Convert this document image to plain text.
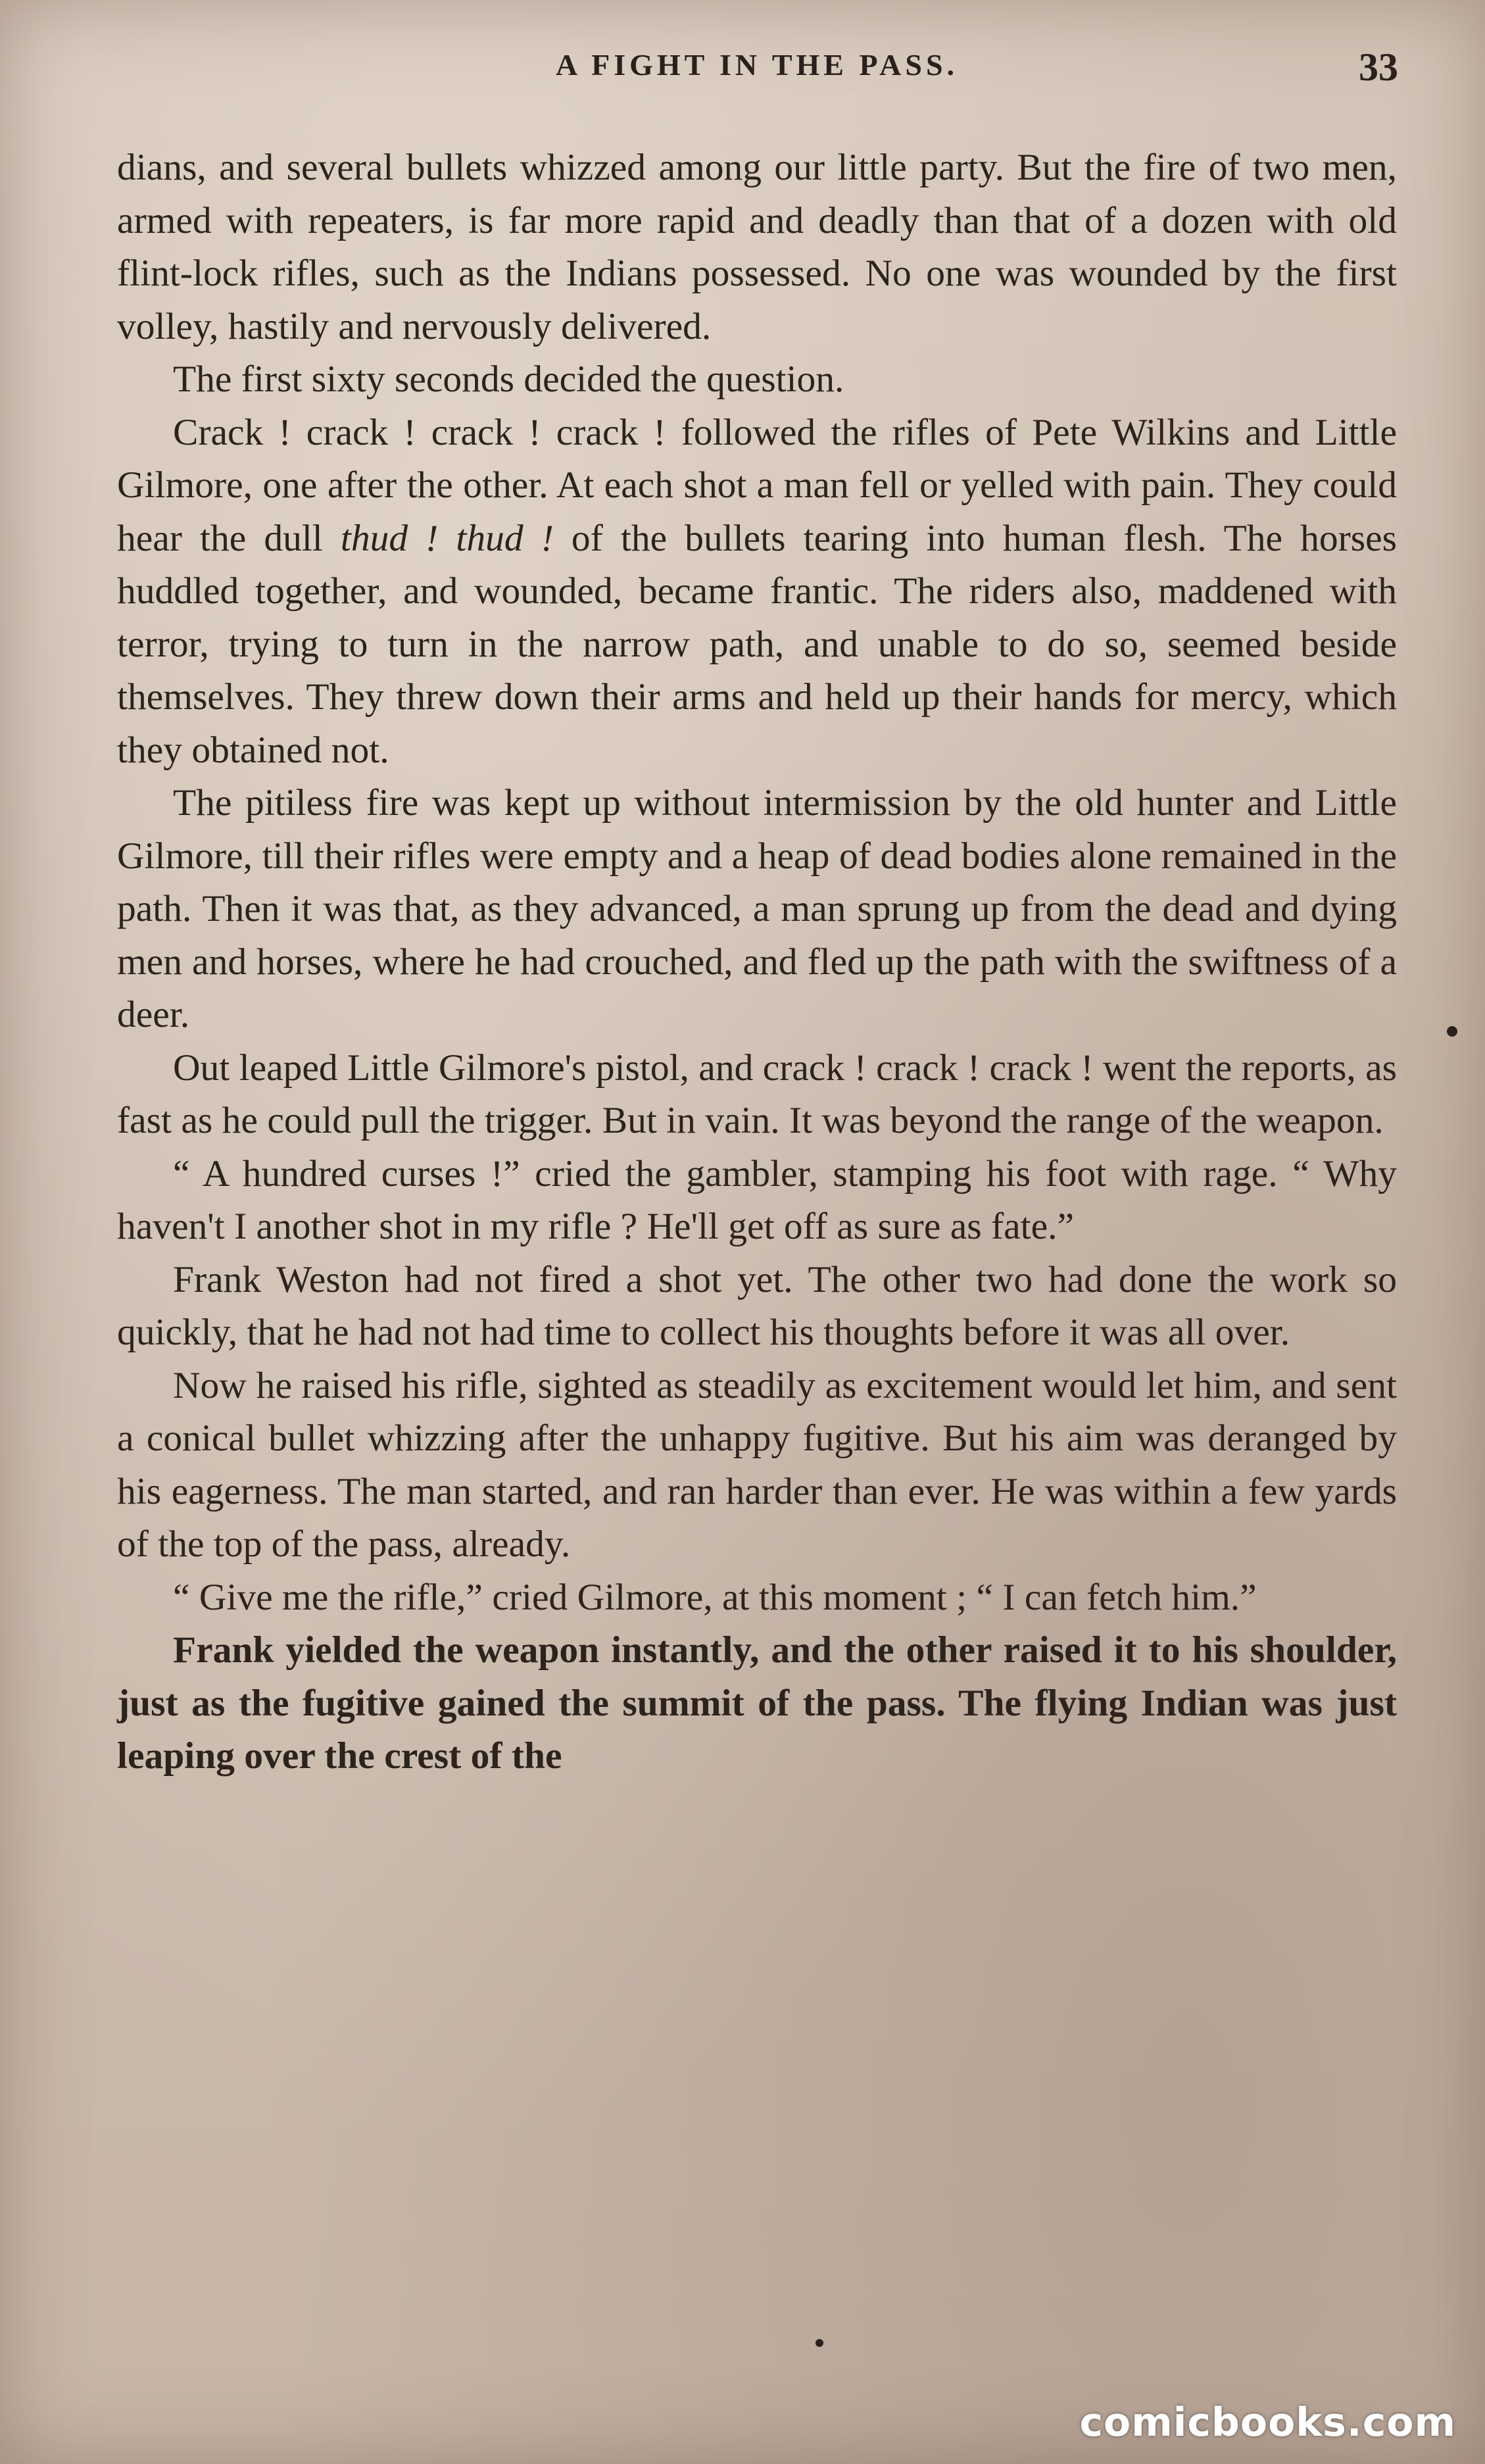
A FIGHT IN THE PASS.	33

dians, and several bullets whizzed among our little party. But the fire of two men, armed with repeaters, is far more rapid and deadly than that of a dozen with old flint-lock rifles, such as the Indians possessed. No one was wounded by the first volley, hastily and nervously delivered.

The first sixty seconds decided the question.

Crack ! crack ! crack ! crack ! followed the rifles of Pete Wilkins and Little Gilmore, one after the other. At each shot a man fell or yelled with pain. They could hear the dull thud ! thud ! of the bullets tearing into human flesh. The horses huddled together, and wounded, became frantic. The riders also, maddened with terror, trying to turn in the narrow path, and unable to do so, seemed beside themselves. They threw down their arms and held up their hands for mercy, which they obtained not.

The pitiless fire was kept up without intermission by the old hunter and Little Gilmore, till their rifles were empty and a heap of dead bodies alone remained in the path. Then it was that, as they advanced, a man sprung up from the dead and dying men and horses, where he had crouched, and fled up the path with the swiftness of a deer.

Out leaped Little Gilmore's pistol, and crack ! crack ! crack ! went the reports, as fast as he could pull the trigger. But in vain. It was beyond the range of the weapon.

“ A hundred curses !” cried the gambler, stamping his foot with rage. “ Why haven't I another shot in my rifle ? He'll get off as sure as fate.”

Frank Weston had not fired a shot yet. The other two had done the work so quickly, that he had not had time to collect his thoughts before it was all over.

Now he raised his rifle, sighted as steadily as excitement would let him, and sent a conical bullet whizzing after the unhappy fugitive. But his aim was deranged by his eagerness. The man started, and ran harder than ever. He was within a few yards of the top of the pass, already.

“ Give me the rifle,” cried Gilmore, at this moment ; “ I can fetch him.”

Frank yielded the weapon instantly, and the other raised it to his shoulder, just as the fugitive gained the summit of the pass. The flying Indian was just leaping over the crest of the

comicbooks.com
